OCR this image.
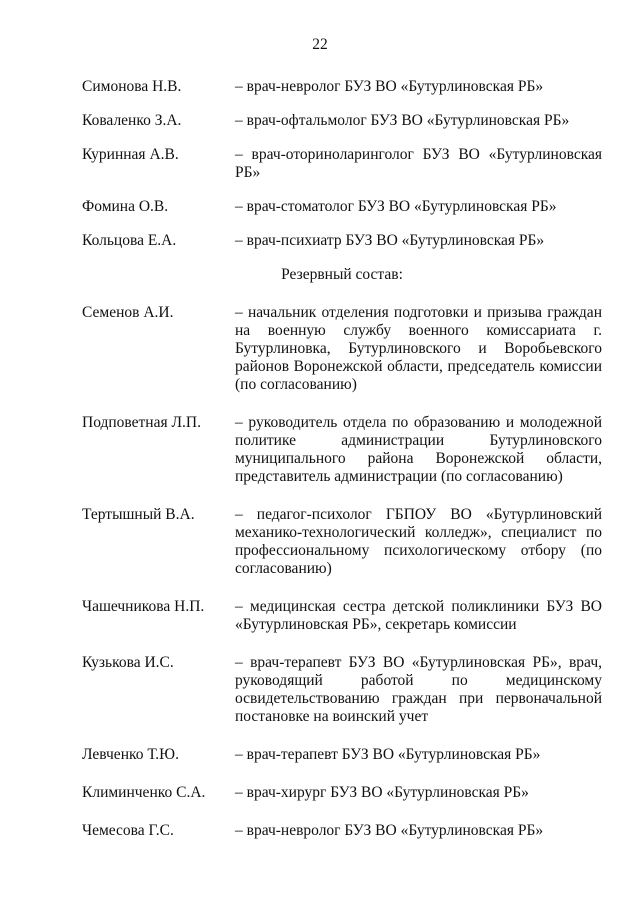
22
Симонова Н.В.	– врач-невролог БУЗ ВО «Бутурлиновская РБ»
Коваленко З.А.	– врач-офтальмолог БУЗ ВО «Бутурлиновская РБ»
Куринная А.В.	– врач-оториноларинголог БУЗ ВО «Бутурлиновская РБ»
Фомина О.В.	– врач-стоматолог БУЗ ВО «Бутурлиновская РБ»
Кольцова Е.А.	– врач-психиатр БУЗ ВО «Бутурлиновская РБ»
Резервный состав:
Семенов А.И.	– начальник отделения подготовки и призыва граждан на военную службу военного комиссариата г. Бутурлиновка, Бутурлиновского и Воробьевского районов Воронежской области, председатель комиссии (по согласованию)
Подповетная Л.П.	– руководитель отдела по образованию и молодежной политике администрации Бутурлиновского муниципального района Воронежской области, представитель администрации (по согласованию)
Тертышный В.А.	– педагог-психолог ГБПОУ ВО «Бутурлиновский механико-технологический колледж», специалист по профессиональному психологическому отбору (по согласованию)
Чашечникова Н.П.	– медицинская сестра детской поликлиники БУЗ ВО «Бутурлиновская РБ», секретарь комиссии
Кузькова И.С.	– врач-терапевт БУЗ ВО «Бутурлиновская РБ», врач, руководящий работой по медицинскому освидетельствованию граждан при первоначальной постановке на воинский учет
Левченко Т.Ю.	– врач-терапевт БУЗ ВО «Бутурлиновская РБ»
Климинченко С.А.	– врач-хирург БУЗ ВО «Бутурлиновская РБ»
Чемесова Г.С.	– врач-невролог БУЗ ВО «Бутурлиновская РБ»
